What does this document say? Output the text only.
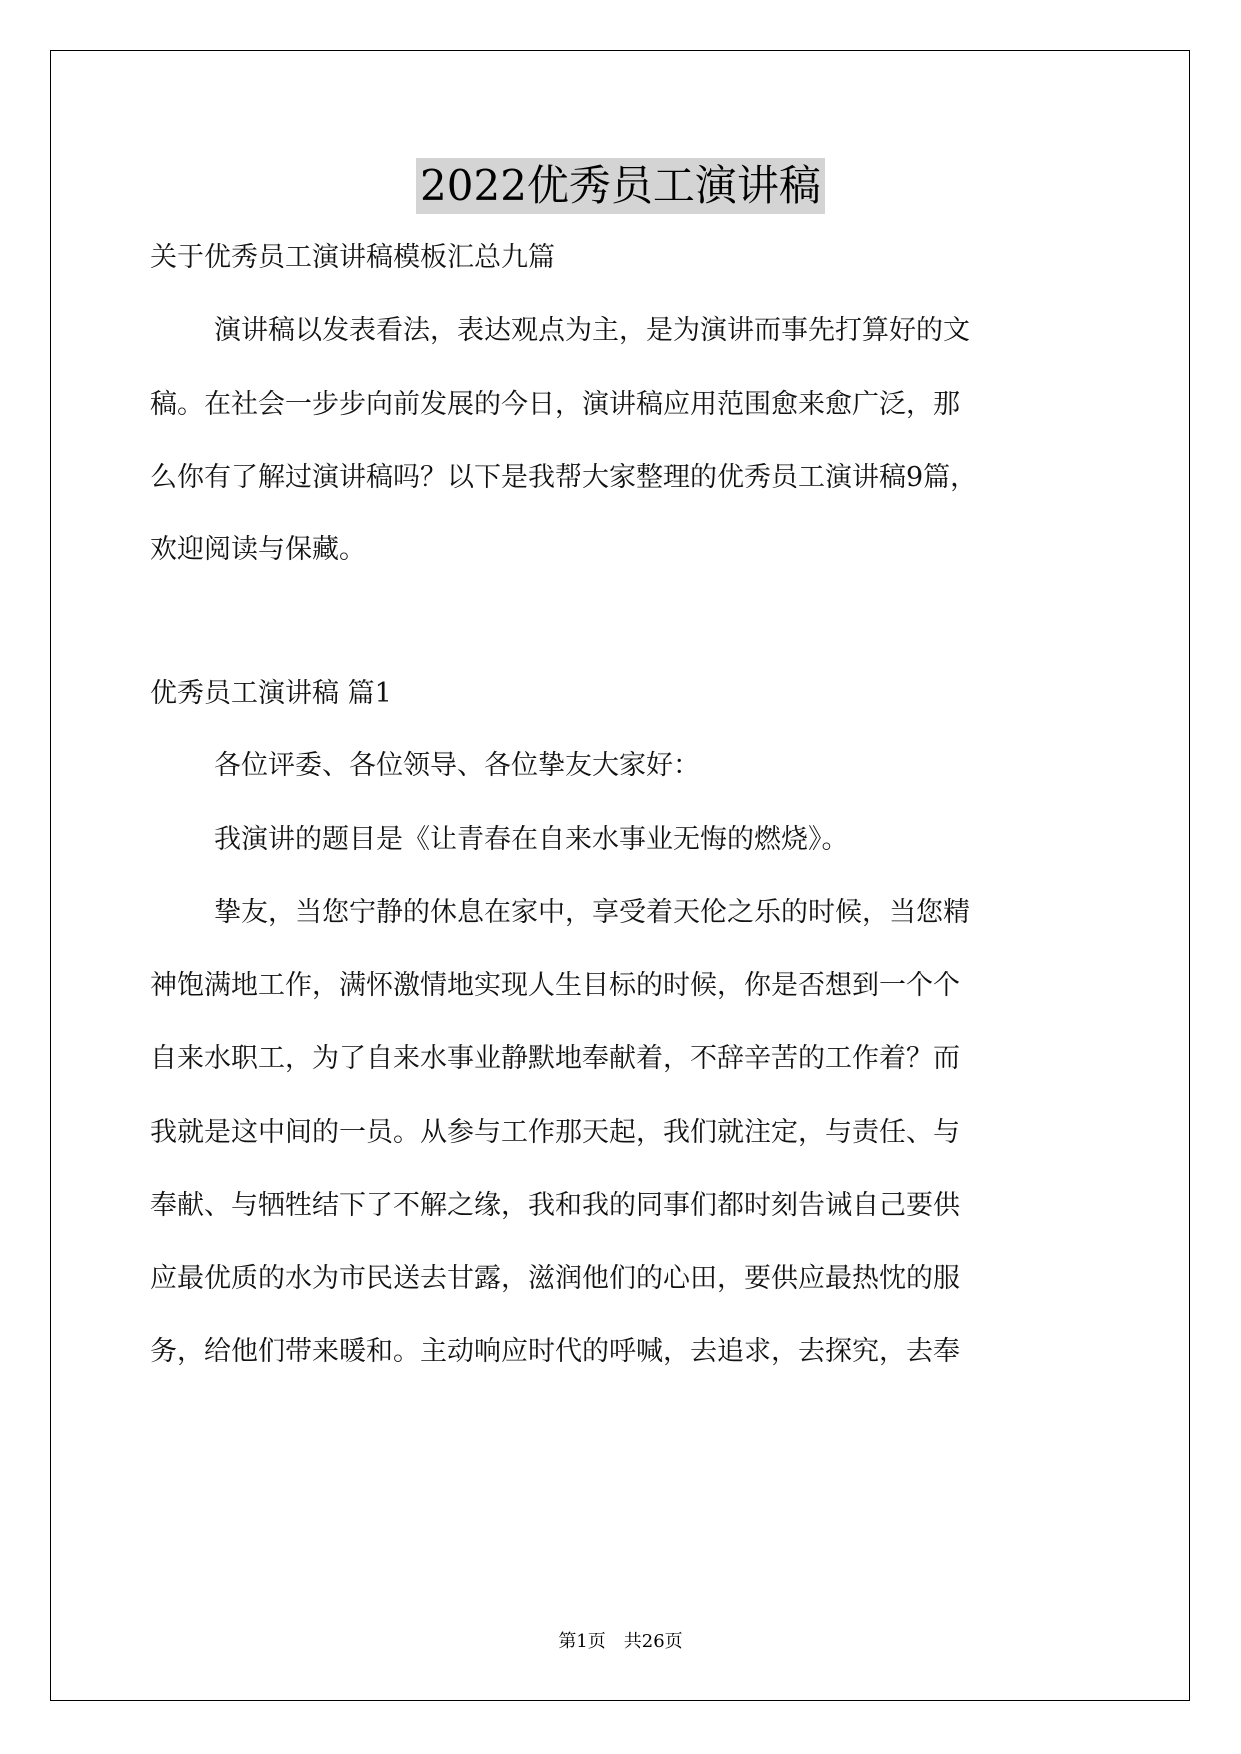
2022优秀员工演讲稿
关于优秀员工演讲稿模板汇总九篇
演讲稿以发表看法，表达观点为主，是为演讲而事先打算好的文
稿。在社会一步步向前发展的今日，演讲稿应用范围愈来愈广泛，那
么你有了解过演讲稿吗？以下是我帮大家整理的优秀员工演讲稿9篇，
欢迎阅读与保藏。
优秀员工演讲稿 篇1
各位评委、各位领导、各位挚友大家好：
我演讲的题目是《让青春在自来水事业无悔的燃烧》。
挚友，当您宁静的休息在家中，享受着天伦之乐的时候，当您精
神饱满地工作，满怀激情地实现人生目标的时候，你是否想到一个个
自来水职工，为了自来水事业静默地奉献着，不辞辛苦的工作着？而
我就是这中间的一员。从参与工作那天起，我们就注定，与责任、与
奉献、与牺牲结下了不解之缘，我和我的同事们都时刻告诫自己要供
应最优质的水为市民送去甘露，滋润他们的心田，要供应最热忱的服
务，给他们带来暖和。主动响应时代的呼喊，去追求，去探究，去奉
第1页　共26页
